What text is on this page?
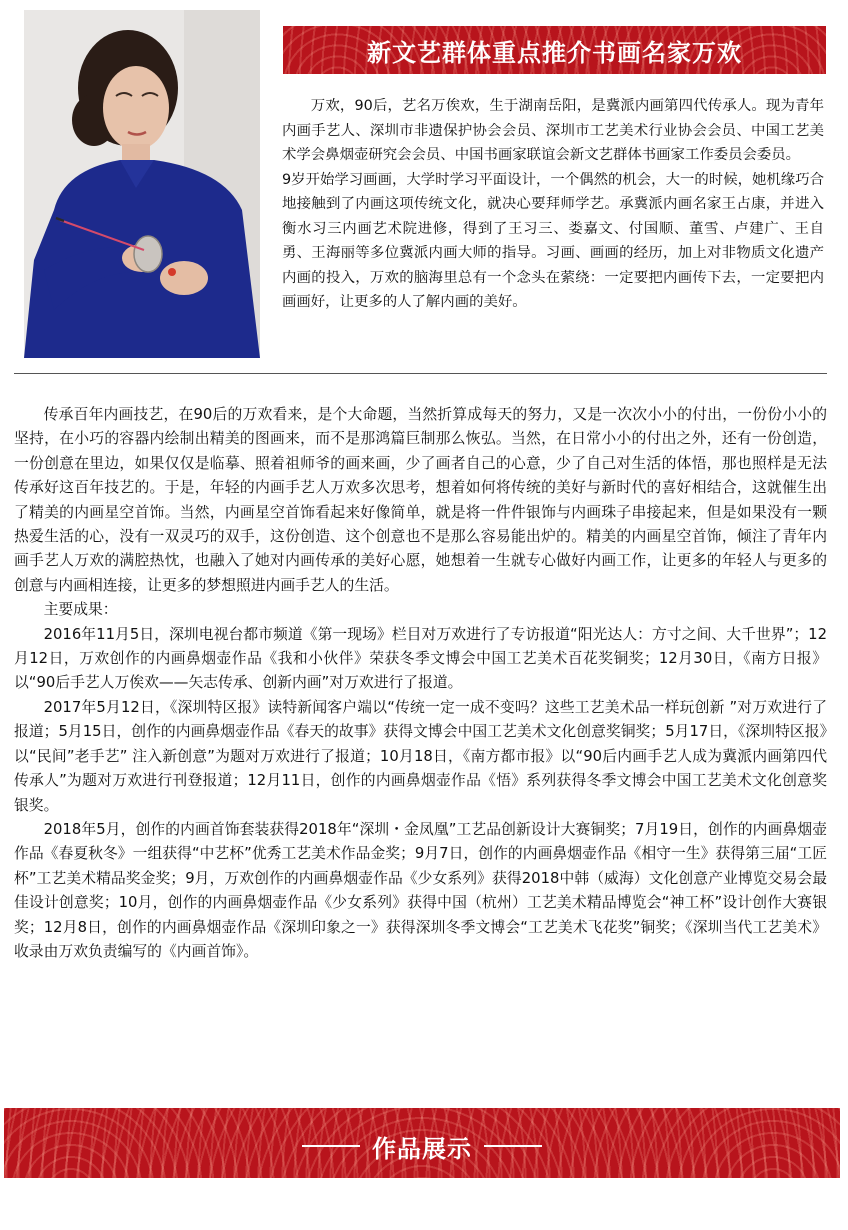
新文艺群体重点推介书画名家万欢

万欢，90后，艺名万俟欢，生于湖南岳阳，是冀派内画第四代传承人。现为青年内画手艺人、深圳市非遗保护协会会员、深圳市工艺美术行业协会会员、中国工艺美术学会鼻烟壶研究会会员、中国书画家联谊会新文艺群体书画家工作委员会委员。

9岁开始学习画画，大学时学习平面设计，一个偶然的机会，大一的时候，她机缘巧合地接触到了内画这项传统文化，就决心要拜师学艺。承冀派内画名家王占康，并进入衡水习三内画艺术院进修，得到了王习三、娄嘉文、付国顺、董雪、卢建广、王自勇、王海丽等多位冀派内画大师的指导。习画、画画的经历，加上对非物质文化遗产内画的投入，万欢的脑海里总有一个念头在萦绕：一定要把内画传下去，一定要把内画画好，让更多的人了解内画的美好。

传承百年内画技艺，在90后的万欢看来，是个大命题，当然折算成每天的努力，又是一次次小小的付出，一份份小小的坚持，在小巧的容器内绘制出精美的图画来，而不是那鸿篇巨制那么恢弘。当然，在日常小小的付出之外，还有一份创造，一份创意在里边，如果仅仅是临摹、照着祖师爷的画来画，少了画者自己的心意，少了自己对生活的体悟，那也照样是无法传承好这百年技艺的。于是，年轻的内画手艺人万欢多次思考，想着如何将传统的美好与新时代的喜好相结合，这就催生出了精美的内画星空首饰。当然，内画星空首饰看起来好像简单，就是将一件件银饰与内画珠子串接起来，但是如果没有一颗热爱生活的心，没有一双灵巧的双手，这份创造、这个创意也不是那么容易能出炉的。精美的内画星空首饰，倾注了青年内画手艺人万欢的满腔热忱，也融入了她对内画传承的美好心愿，她想着一生就专心做好内画工作，让更多的年轻人与更多的创意与内画相连接，让更多的梦想照进内画手艺人的生活。

主要成果：

2016年11月5日，深圳电视台都市频道《第一现场》栏目对万欢进行了专访报道“阳光达人：方寸之间、大千世界”；12月12日，万欢创作的内画鼻烟壶作品《我和小伙伴》荣获冬季文博会中国工艺美术百花奖铜奖；12月30日，《南方日报》以“90后手艺人万俟欢——矢志传承、创新内画”对万欢进行了报道。

2017年5月12日，《深圳特区报》读特新闻客户端以“传统一定一成不变吗？这些工艺美术品一样玩创新 ”对万欢进行了报道；5月15日，创作的内画鼻烟壶作品《春天的故事》获得文博会中国工艺美术文化创意奖铜奖；5月17日，《深圳特区报》以“民间”老手艺” 注入新创意”为题对万欢进行了报道；10月18日，《南方都市报》以“90后内画手艺人成为冀派内画第四代传承人”为题对万欢进行刊登报道；12月11日，创作的内画鼻烟壶作品《悟》系列获得冬季文博会中国工艺美术文化创意奖银奖。

2018年5月，创作的内画首饰套装获得2018年“深圳・金凤凰”工艺品创新设计大赛铜奖；7月19日，创作的内画鼻烟壶作品《春夏秋冬》一组获得“中艺杯”优秀工艺美术作品金奖；9月7日，创作的内画鼻烟壶作品《相守一生》获得第三届“工匠杯”工艺美术精品奖金奖；9月，万欢创作的内画鼻烟壶作品《少女系列》获得2018中韩（威海）文化创意产业博览交易会最佳设计创意奖；10月，创作的内画鼻烟壶作品《少女系列》获得中国（杭州）工艺美术精品博览会“神工杯”设计创作大赛银奖；12月8日，创作的内画鼻烟壶作品《深圳印象之一》获得深圳冬季文博会“工艺美术飞花奖”铜奖；《深圳当代工艺美术》收录由万欢负责编写的《内画首饰》。

作品展示
